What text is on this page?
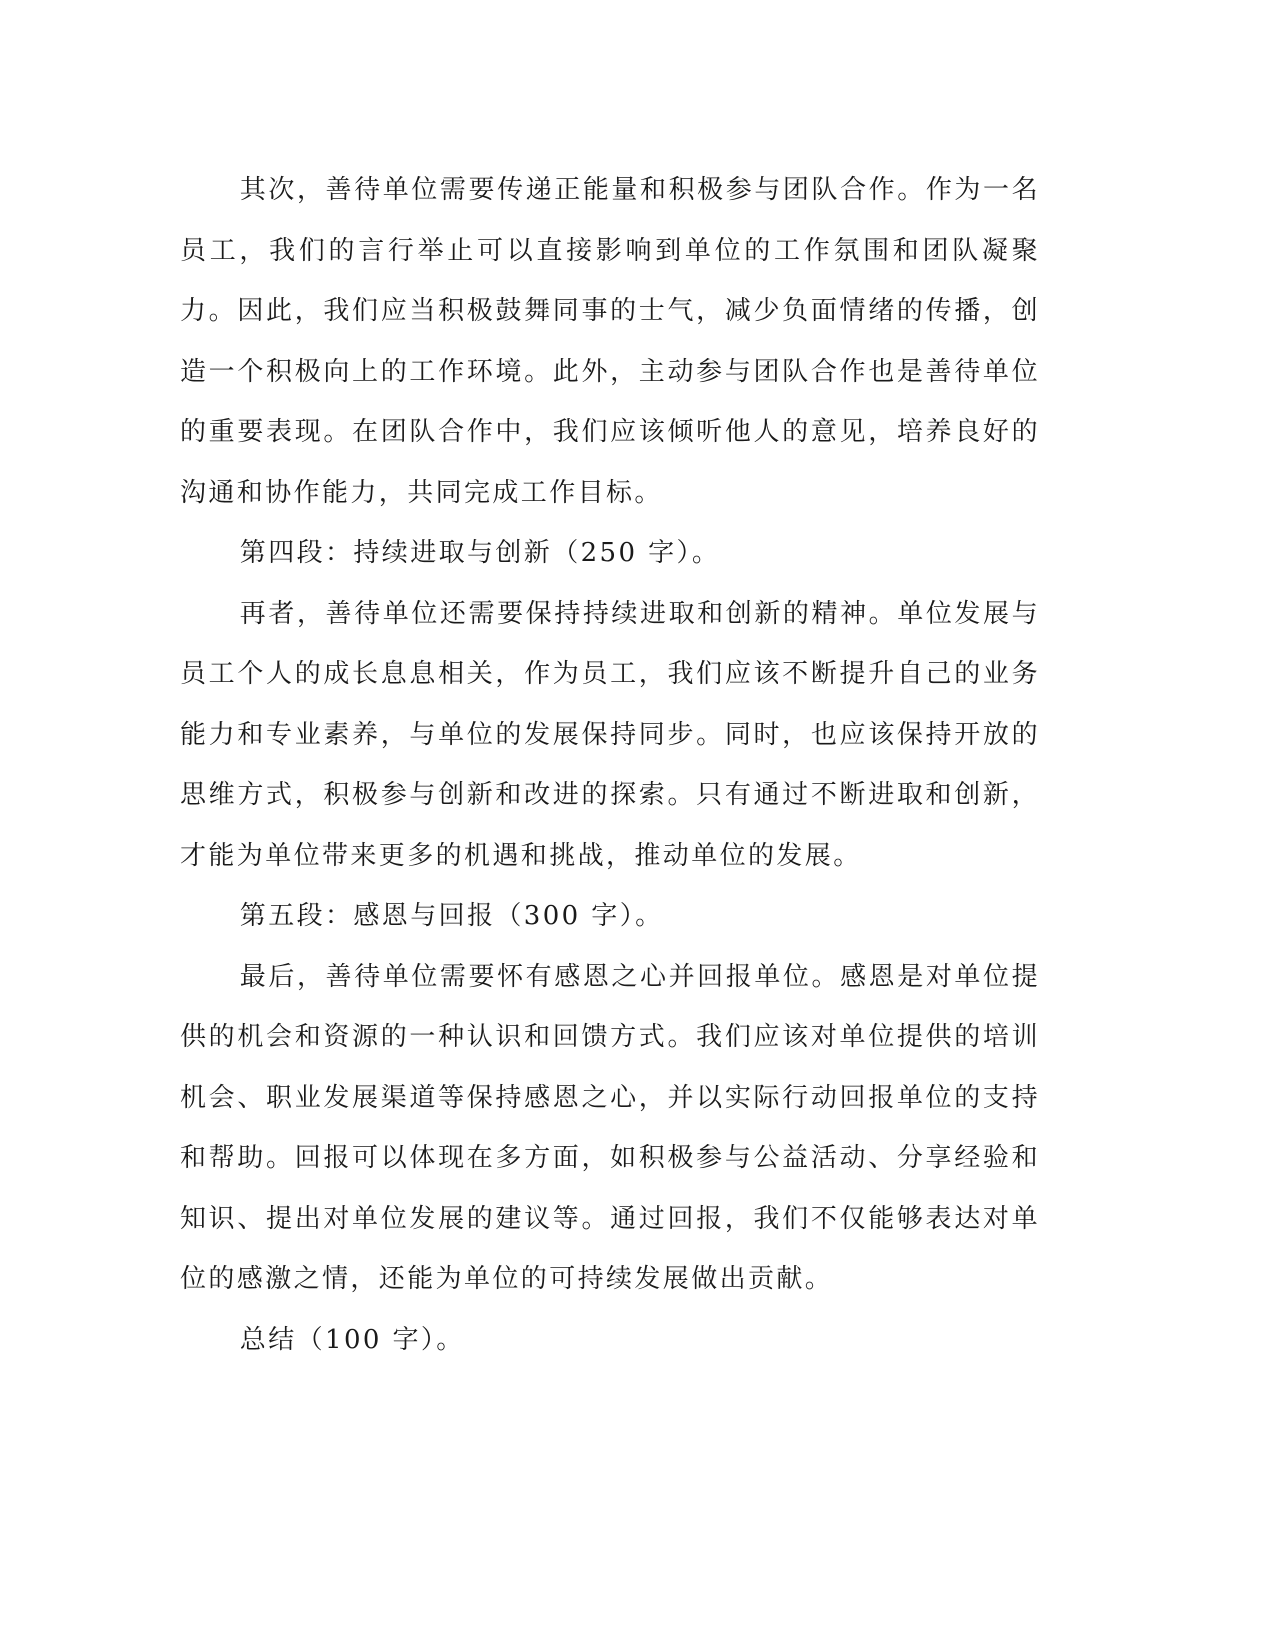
其次，善待单位需要传递正能量和积极参与团队合作。作为一名员工，我们的言行举止可以直接影响到单位的工作氛围和团队凝聚力。因此，我们应当积极鼓舞同事的士气，减少负面情绪的传播，创造一个积极向上的工作环境。此外，主动参与团队合作也是善待单位的重要表现。在团队合作中，我们应该倾听他人的意见，培养良好的沟通和协作能力，共同完成工作目标。

第四段：持续进取与创新（250 字）。

再者，善待单位还需要保持持续进取和创新的精神。单位发展与员工个人的成长息息相关，作为员工，我们应该不断提升自己的业务能力和专业素养，与单位的发展保持同步。同时，也应该保持开放的思维方式，积极参与创新和改进的探索。只有通过不断进取和创新，才能为单位带来更多的机遇和挑战，推动单位的发展。

第五段：感恩与回报（300 字）。

最后，善待单位需要怀有感恩之心并回报单位。感恩是对单位提供的机会和资源的一种认识和回馈方式。我们应该对单位提供的培训机会、职业发展渠道等保持感恩之心，并以实际行动回报单位的支持和帮助。回报可以体现在多方面，如积极参与公益活动、分享经验和知识、提出对单位发展的建议等。通过回报，我们不仅能够表达对单位的感激之情，还能为单位的可持续发展做出贡献。

总结（100 字）。
